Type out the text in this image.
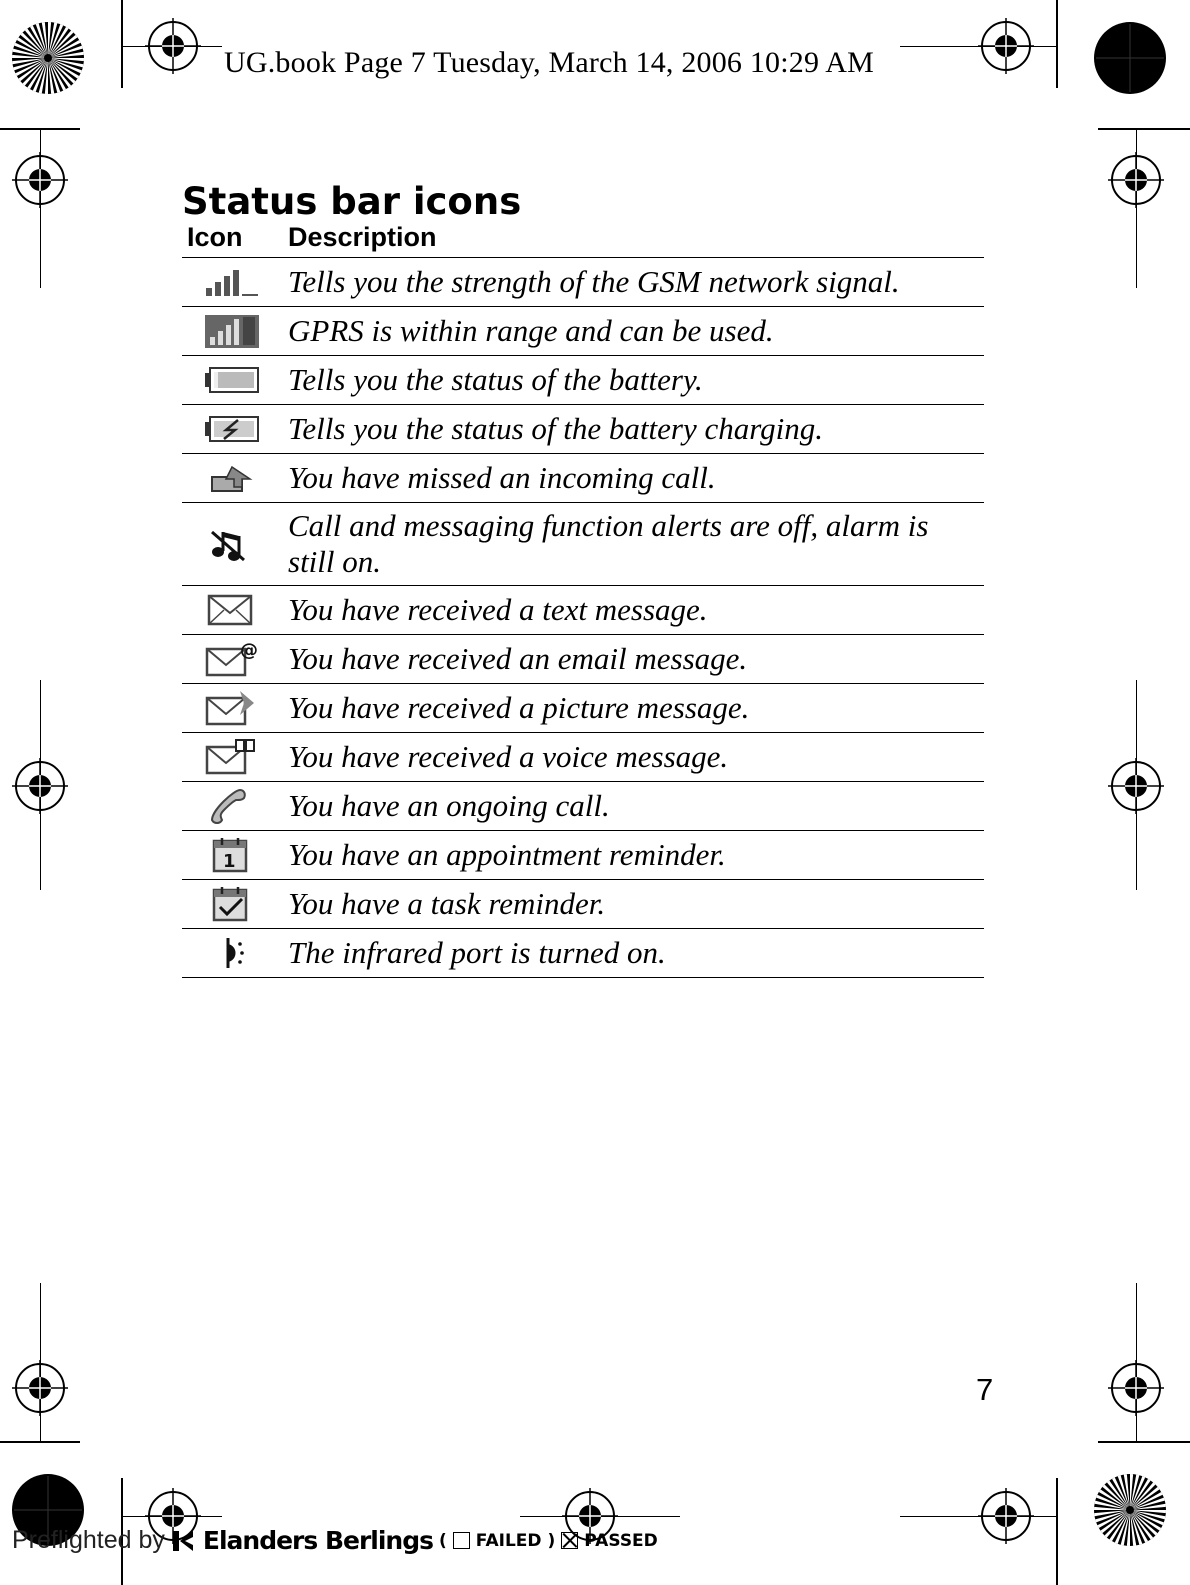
UG.book Page 7 Tuesday, March 14, 2006 10:29 AM
Status bar icons
Icon Description
Tells you the strength of the GSM network signal.
GPRS is within range and can be used.
Tells you the status of the battery.
Tells you the status of the battery charging.
You have missed an incoming call.
Call and messaging function alerts are off, alarm is still on.
You have received a text message.
@ You have received an email message.
You have received a picture message.
You have received a voice message.
You have an ongoing call.
1 You have an appointment reminder.
You have a task reminder.
The infrared port is turned on.
7
Preflighted by Elanders Berlings ( FAILED ) PASSED
